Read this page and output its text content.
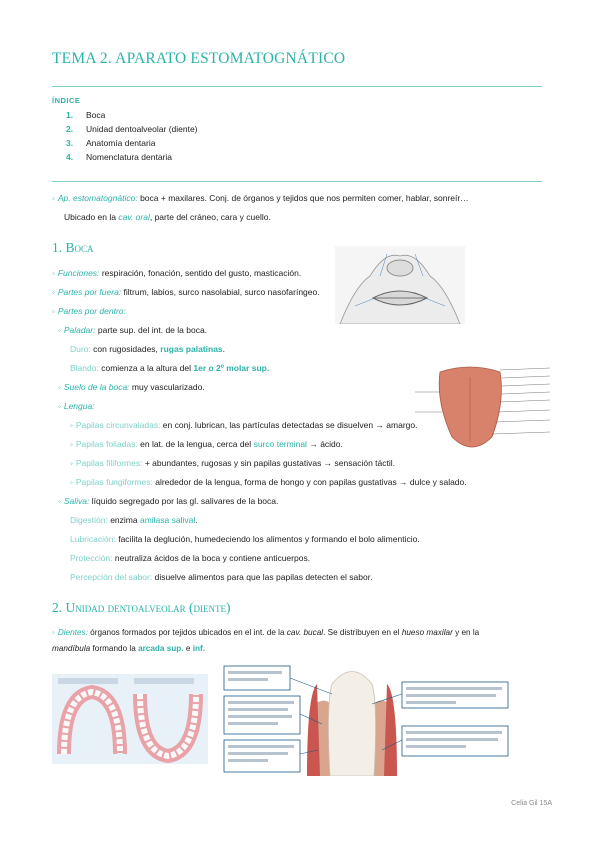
TEMA 2. APARATO ESTOMATOGNÁTICO
ÍNDICE
1. Boca
2. Unidad dentoalveolar (diente)
3. Anatomía dentaria
4. Nomenclatura dentaria
◦ Ap. estomatognático: boca + maxilares. Conj. de órganos y tejidos que nos permiten comer, hablar, sonreír…
Ubicado en la cav. oral, parte del cráneo, cara y cuello.
1. Boca
◦ Funciones: respiración, fonación, sentido del gusto, masticación.
◦ Partes por fuera: filtrum, labios, surco nasolabial, surco nasofaríngeo.
◦ Partes por dentro:
◦ Paladar: parte sup. del int. de la boca.
Duro: con rugosidades, rugas palatinas.
Blando: comienza a la altura del 1er o 2º molar sup.
◦ Suelo de la boca: muy vascularizado.
◦ Lengua:
◦ Papilas circunvaladas: en conj. lubrican, las partículas detectadas se disuelven → amargo.
◦ Papilas foliadas: en lat. de la lengua, cerca del surco terminal → ácido.
◦ Papilas filiformes: + abundantes, rugosas y sin papilas gustativas → sensación táctil.
◦ Papilas fungiformes: alrededor de la lengua, forma de hongo y con papilas gustativas → dulce y salado.
◦ Saliva: líquido segregado por las gl. salivares de la boca.
Digestión: enzima amilasa salival.
Lubricación: facilita la deglución, humedeciendo los alimentos y formando el bolo alimenticio.
Protección: neutraliza ácidos de la boca y contiene anticuerpos.
Percepción del sabor: disuelve alimentos para que las papilas detecten el sabor.
2. Unidad dentoalveolar (diente)
◦ Dientes: órganos formados por tejidos ubicados en el int. de la cav. bucal. Se distribuyen en el hueso maxilar y en la
mandíbula formando la arcada sup. e inf.
Celia Gil 15A
